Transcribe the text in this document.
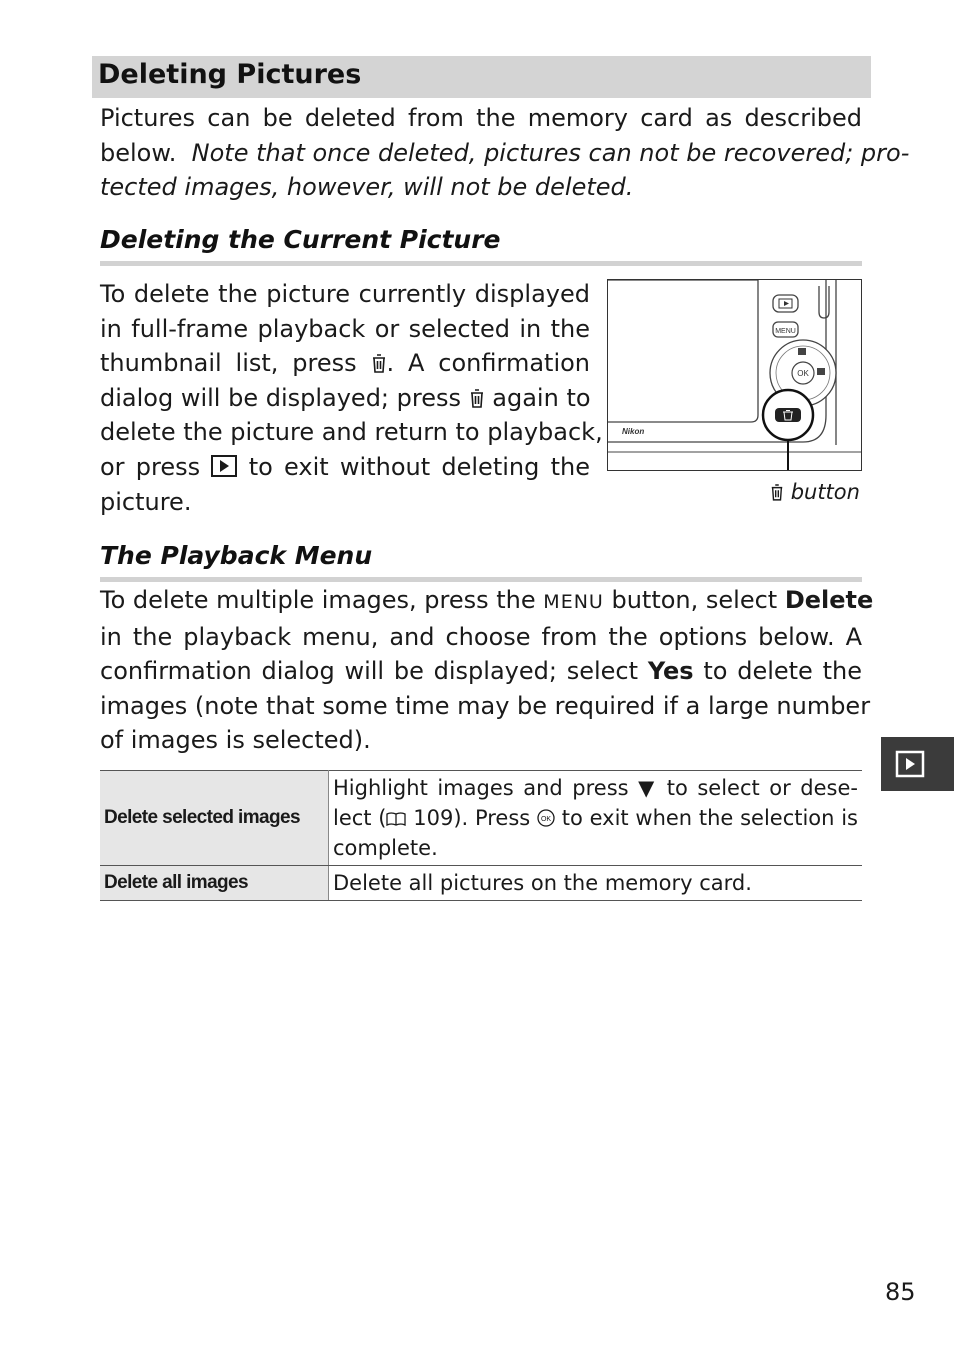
Deleting Pictures
Pictures can be deleted from the memory card as described
below. Note that once deleted, pictures can not be recovered; pro-
tected images, however, will not be deleted.
Deleting the Current Picture
To delete the picture currently displayed
in full-frame playback or selected in the
thumbnail list, press . A confirmation
dialog will be displayed; press again to
delete the picture and return to playback,
or press to exit without deleting the
picture.
MENU
OK
Nikon
button
The Playback Menu
To delete multiple images, press the MENU button, select Delete
in the playback menu, and choose from the options below. A
confirmation dialog will be displayed; select Yes to delete the
images (note that some time may be required if a large number
of images is selected).
Delete selected images	Highlight images and press ▼ to select or dese-
lect ( 109). Press OK to exit when the selection is
complete.

Delete all images	Delete all pictures on the memory card.
85
